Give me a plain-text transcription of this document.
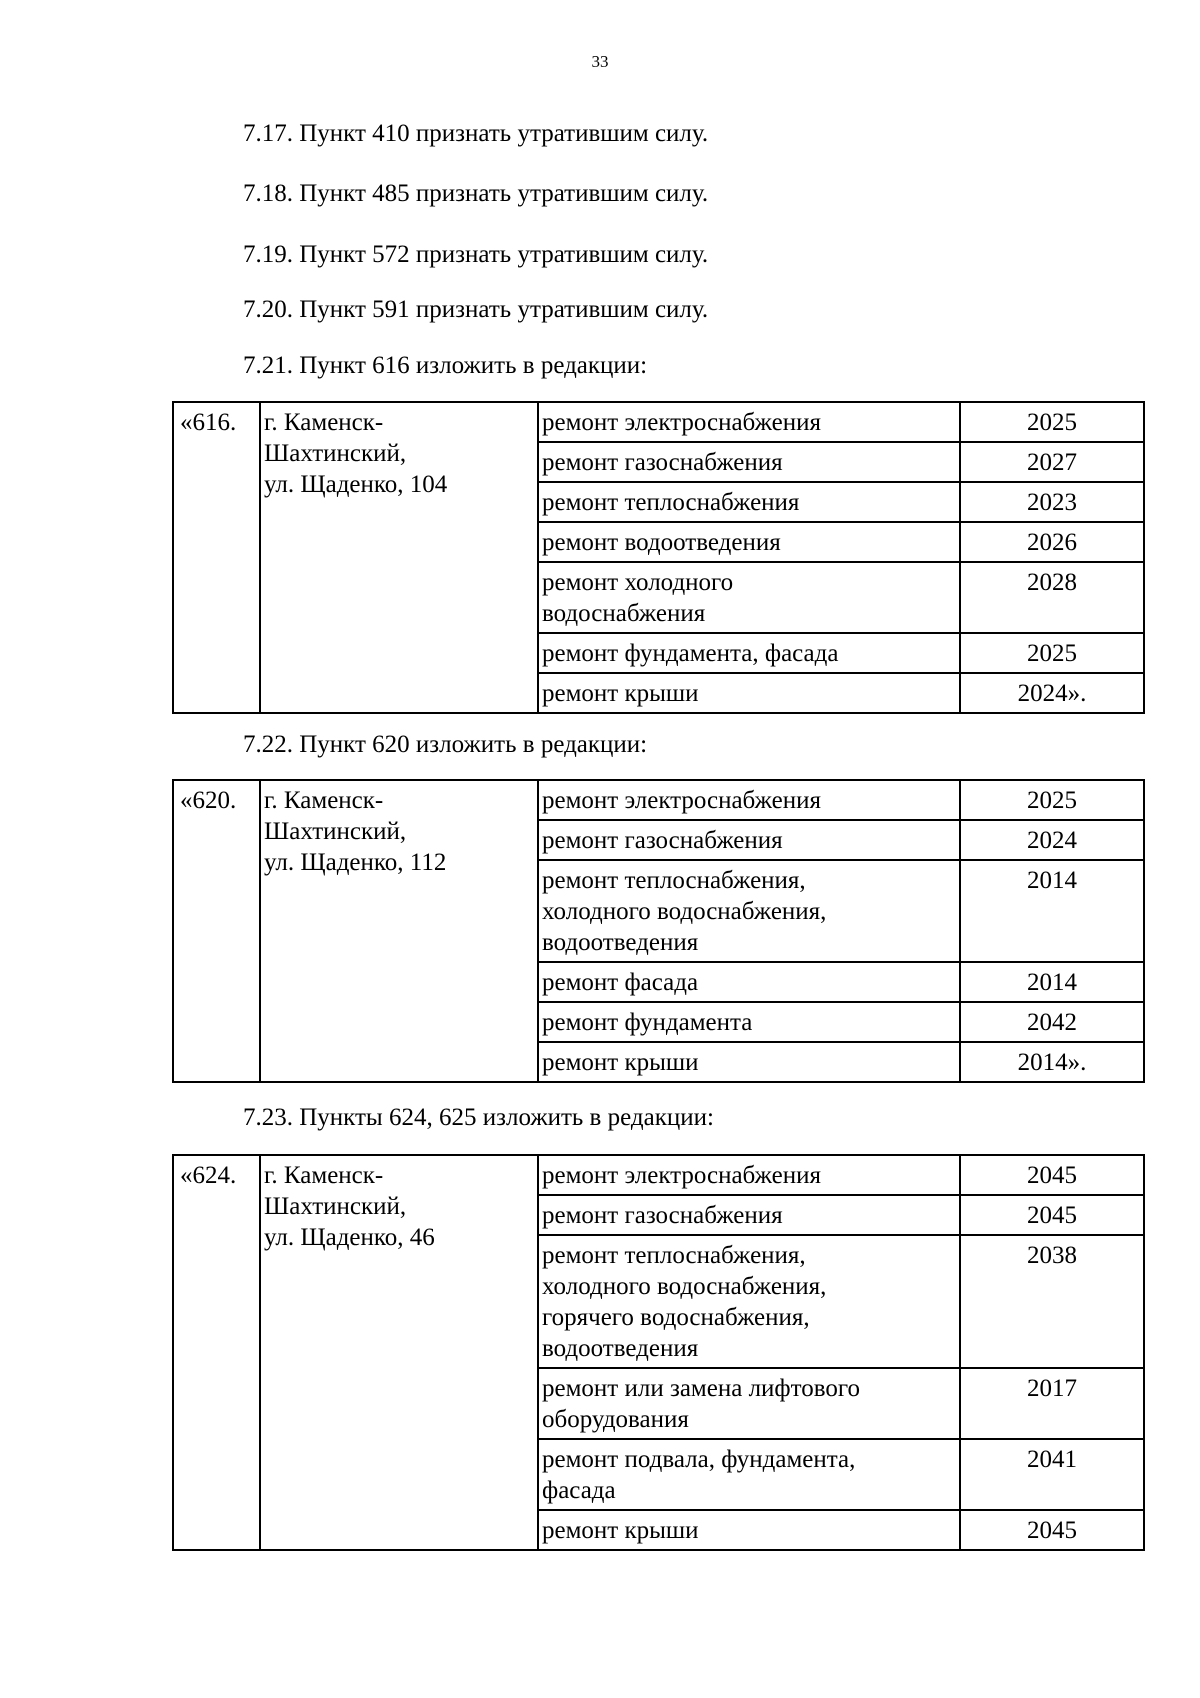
33
7.17. Пункт 410 признать утратившим силу.
7.18. Пункт 485 признать утратившим силу.
7.19. Пункт 572 признать утратившим силу.
7.20. Пункт 591 признать утратившим силу.
7.21. Пункт 616 изложить в редакции:
«616.	г. Каменск-
Шахтинский,
ул. Щаденко, 104	ремонт электроснабжения	2025

		ремонт газоснабжения	2027

		ремонт теплоснабжения	2023

		ремонт водоотведения	2026

		ремонт холодного
водоснабжения	2028

		ремонт фундамента, фасада	2025

		ремонт крыши	2024».
7.22. Пункт 620 изложить в редакции:
«620.	г. Каменск-
Шахтинский,
ул. Щаденко, 112	ремонт электроснабжения	2025

		ремонт газоснабжения	2024

		ремонт теплоснабжения,
холодного водоснабжения,
водоотведения	2014

		ремонт фасада	2014

		ремонт фундамента	2042

		ремонт крыши	2014».
7.23. Пункты 624, 625 изложить в редакции:
«624.	г. Каменск-
Шахтинский,
ул. Щаденко, 46	ремонт электроснабжения	2045

		ремонт газоснабжения	2045

		ремонт теплоснабжения,
холодного водоснабжения,
горячего водоснабжения,
водоотведения	2038

		ремонт или замена лифтового
оборудования	2017

		ремонт подвала, фундамента,
фасада	2041

		ремонт крыши	2045
